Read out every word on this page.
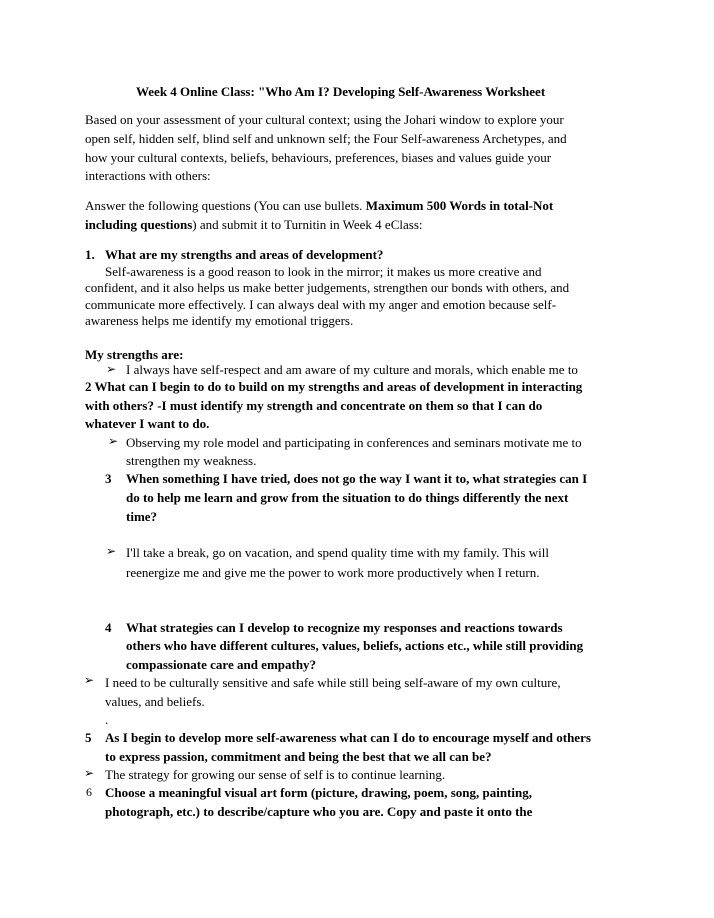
Week 4 Online Class: "Who Am I? Developing Self-Awareness Worksheet
Based on your assessment of your cultural context; using the Johari window to explore your
open self, hidden self, blind self and unknown self; the Four Self-awareness Archetypes, and
how your cultural contexts, beliefs, behaviours, preferences, biases and values guide your
interactions with others:
Answer the following questions (You can use bullets. Maximum 500 Words in total-Not
including questions) and submit it to Turnitin in Week 4 eClass:
1. What are my strengths and areas of development?
Self-awareness is a good reason to look in the mirror; it makes us more creative and
confident, and it also helps us make better judgements, strengthen our bonds with others, and
communicate more effectively. I can always deal with my anger and emotion because self-
awareness helps me identify my emotional triggers.
My strengths are:
➢ I always have self-respect and am aware of my culture and morals, which enable me to
2 What can I begin to do to build on my strengths and areas of development in interacting
with others? -I must identify my strength and concentrate on them so that I can do
whatever I want to do.
➢ Observing my role model and participating in conferences and seminars motivate me to
strengthen my weakness.
3 When something I have tried, does not go the way I want it to, what strategies can I
do to help me learn and grow from the situation to do things differently the next
time?
➢ I'll take a break, go on vacation, and spend quality time with my family. This will
reenergize me and give me the power to work more productively when I return.
4 What strategies can I develop to recognize my responses and reactions towards
others who have different cultures, values, beliefs, actions etc., while still providing
compassionate care and empathy?
➢ I need to be culturally sensitive and safe while still being self-aware of my own culture,
values, and beliefs.
.
5 As I begin to develop more self-awareness what can I do to encourage myself and others
to express passion, commitment and being the best that we all can be?
➢ The strategy for growing our sense of self is to continue learning.
6 Choose a meaningful visual art form (picture, drawing, poem, song, painting,
photograph, etc.) to describe/capture who you are. Copy and paste it onto the
